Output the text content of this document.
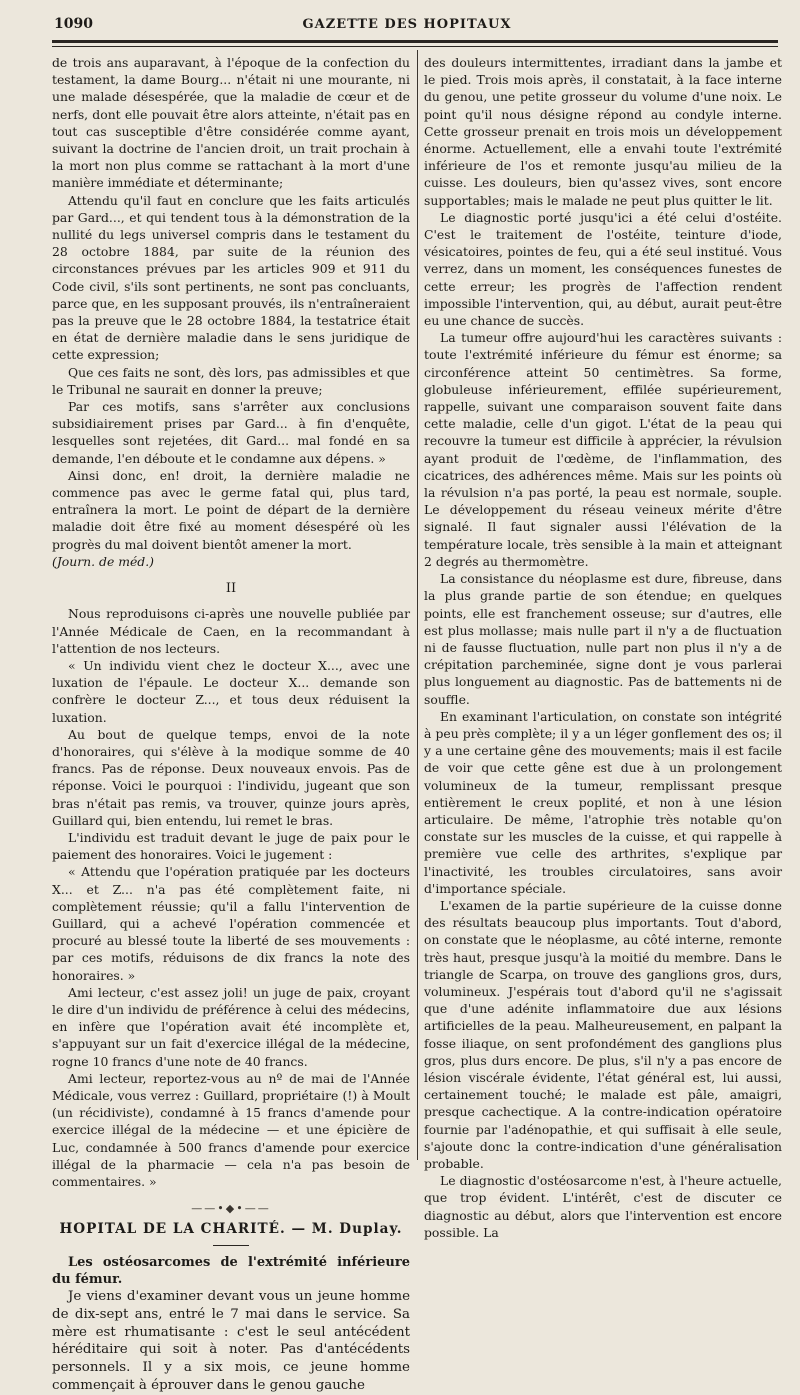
1090	GAZETTE DES HOPITAUX

de trois ans auparavant, à l'époque de la confection du testament, la dame Bourg... n'était ni une mourante, ni une malade désespérée, que la maladie de cœur et de nerfs, dont elle pouvait être alors atteinte, n'était pas en tout cas susceptible d'être considérée comme ayant, suivant la doctrine de l'ancien droit, un trait prochain à la mort non plus comme se rattachant à la mort d'une manière immédiate et déterminante;

Attendu qu'il faut en conclure que les faits articulés par Gard..., et qui tendent tous à la démonstration de la nullité du legs universel compris dans le testament du 28 octobre 1884, par suite de la réunion des circonstances prévues par les articles 909 et 911 du Code civil, s'ils sont pertinents, ne sont pas concluants, parce que, en les supposant prouvés, ils n'entraîneraient pas la preuve que le 28 octobre 1884, la testatrice était en état de dernière maladie dans le sens juridique de cette expression;

Que ces faits ne sont, dès lors, pas admissibles et que le Tribunal ne saurait en donner la preuve;

Par ces motifs, sans s'arrêter aux conclusions subsidiairement prises par Gard... à fin d'enquête, lesquelles sont rejetées, dit Gard... mal fondé en sa demande, l'en déboute et le condamne aux dépens. »

Ainsi donc, en! droit, la dernière maladie ne commence pas avec le germe fatal qui, plus tard, entraînera la mort. Le point de départ de la dernière maladie doit être fixé au moment désespéré où les progrès du mal doivent bientôt amener la mort.

(Journ. de méd.)

II

Nous reproduisons ci-après une nouvelle publiée par l'Année Médicale de Caen, en la recommandant à l'attention de nos lecteurs.

« Un individu vient chez le docteur X..., avec une luxation de l'épaule. Le docteur X... demande son confrère le docteur Z..., et tous deux réduisent la luxation.

Au bout de quelque temps, envoi de la note d'honoraires, qui s'élève à la modique somme de 40 francs. Pas de réponse. Deux nouveaux envois. Pas de réponse. Voici le pourquoi : l'individu, jugeant que son bras n'était pas remis, va trouver, quinze jours après, Guillard qui, bien entendu, lui remet le bras.

L'individu est traduit devant le juge de paix pour le paiement des honoraires. Voici le jugement :

« Attendu que l'opération pratiquée par les docteurs X... et Z... n'a pas été complètement faite, ni complètement réussie; qu'il a fallu l'intervention de Guillard, qui a achevé l'opération commencée et procuré au blessé toute la liberté de ses mouvements : par ces motifs, réduisons de dix francs la note des honoraires. »

Ami lecteur, c'est assez joli! un juge de paix, croyant le dire d'un individu de préférence à celui des médecins, en infère que l'opération avait été incomplète et, s'appuyant sur un fait d'exercice illégal de la médecine, rogne 10 francs d'une note de 40 francs.

Ami lecteur, reportez-vous au nº de mai de l'Année Médicale, vous verrez : Guillard, propriétaire (!) à Moult (un récidiviste), condamné à 15 francs d'amende pour exercice illégal de la médecine — et une épicière de Luc, condamnée à 500 francs d'amende pour exercice illégal de la pharmacie — cela n'a pas besoin de commentaires. »

——•◆•——
HOPITAL DE LA CHARITÉ. — M. Duplay.

Les ostéosarcomes de l'extrémité inférieure du fémur.

Je viens d'examiner devant vous un jeune homme de dix-sept ans, entré le 7 mai dans le service. Sa mère est rhumatisante : c'est le seul antécédent héréditaire qui soit à noter. Pas d'antécédents personnels. Il y a six mois, ce jeune homme commençait à éprouver dans le genou gauche

des douleurs intermittentes, irradiant dans la jambe et le pied. Trois mois après, il constatait, à la face interne du genou, une petite grosseur du volume d'une noix. Le point qu'il nous désigne répond au condyle interne. Cette grosseur prenait en trois mois un développement énorme. Actuellement, elle a envahi toute l'extrémité inférieure de l'os et remonte jusqu'au milieu de la cuisse. Les douleurs, bien qu'assez vives, sont encore supportables; mais le malade ne peut plus quitter le lit.

Le diagnostic porté jusqu'ici a été celui d'ostéite. C'est le traitement de l'ostéite, teinture d'iode, vésicatoires, pointes de feu, qui a été seul institué. Vous verrez, dans un moment, les conséquences funestes de cette erreur; les progrès de l'affection rendent impossible l'intervention, qui, au début, aurait peut-être eu une chance de succès.

La tumeur offre aujourd'hui les caractères suivants : toute l'extrémité inférieure du fémur est énorme; sa circonférence atteint 50 centimètres. Sa forme, globuleuse inférieurement, effilée supérieurement, rappelle, suivant une comparaison souvent faite dans cette maladie, celle d'un gigot. L'état de la peau qui recouvre la tumeur est difficile à apprécier, la révulsion ayant produit de l'œdème, de l'inflammation, des cicatrices, des adhérences même. Mais sur les points où la révulsion n'a pas porté, la peau est normale, souple. Le développement du réseau veineux mérite d'être signalé. Il faut signaler aussi l'élévation de la température locale, très sensible à la main et atteignant 2 degrés au thermomètre.

La consistance du néoplasme est dure, fibreuse, dans la plus grande partie de son étendue; en quelques points, elle est franchement osseuse; sur d'autres, elle est plus mollasse; mais nulle part il n'y a de fluctuation ni de fausse fluctuation, nulle part non plus il n'y a de crépitation parcheminée, signe dont je vous parlerai plus longuement au diagnostic. Pas de battements ni de souffle.

En examinant l'articulation, on constate son intégrité à peu près complète; il y a un léger gonflement des os; il y a une certaine gêne des mouvements; mais il est facile de voir que cette gêne est due à un prolongement volumineux de la tumeur, remplissant presque entièrement le creux poplité, et non à une lésion articulaire. De même, l'atrophie très notable qu'on constate sur les muscles de la cuisse, et qui rappelle à première vue celle des arthrites, s'explique par l'inactivité, les troubles circulatoires, sans avoir d'importance spéciale.

L'examen de la partie supérieure de la cuisse donne des résultats beaucoup plus importants. Tout d'abord, on constate que le néoplasme, au côté interne, remonte très haut, presque jusqu'à la moitié du membre. Dans le triangle de Scarpa, on trouve des ganglions gros, durs, volumineux. J'espérais tout d'abord qu'il ne s'agissait que d'une adénite inflammatoire due aux lésions artificielles de la peau. Malheureusement, en palpant la fosse iliaque, on sent profondément des ganglions plus gros, plus durs encore. De plus, s'il n'y a pas encore de lésion viscérale évidente, l'état général est, lui aussi, certainement touché; le malade est pâle, amaigri, presque cachectique. A la contre-indication opératoire fournie par l'adénopathie, et qui suffisait à elle seule, s'ajoute donc la contre-indication d'une généralisation probable.

Le diagnostic d'ostéosarcome n'est, à l'heure actuelle, que trop évident. L'intérêt, c'est de discuter ce diagnostic au début, alors que l'intervention est encore possible. La
